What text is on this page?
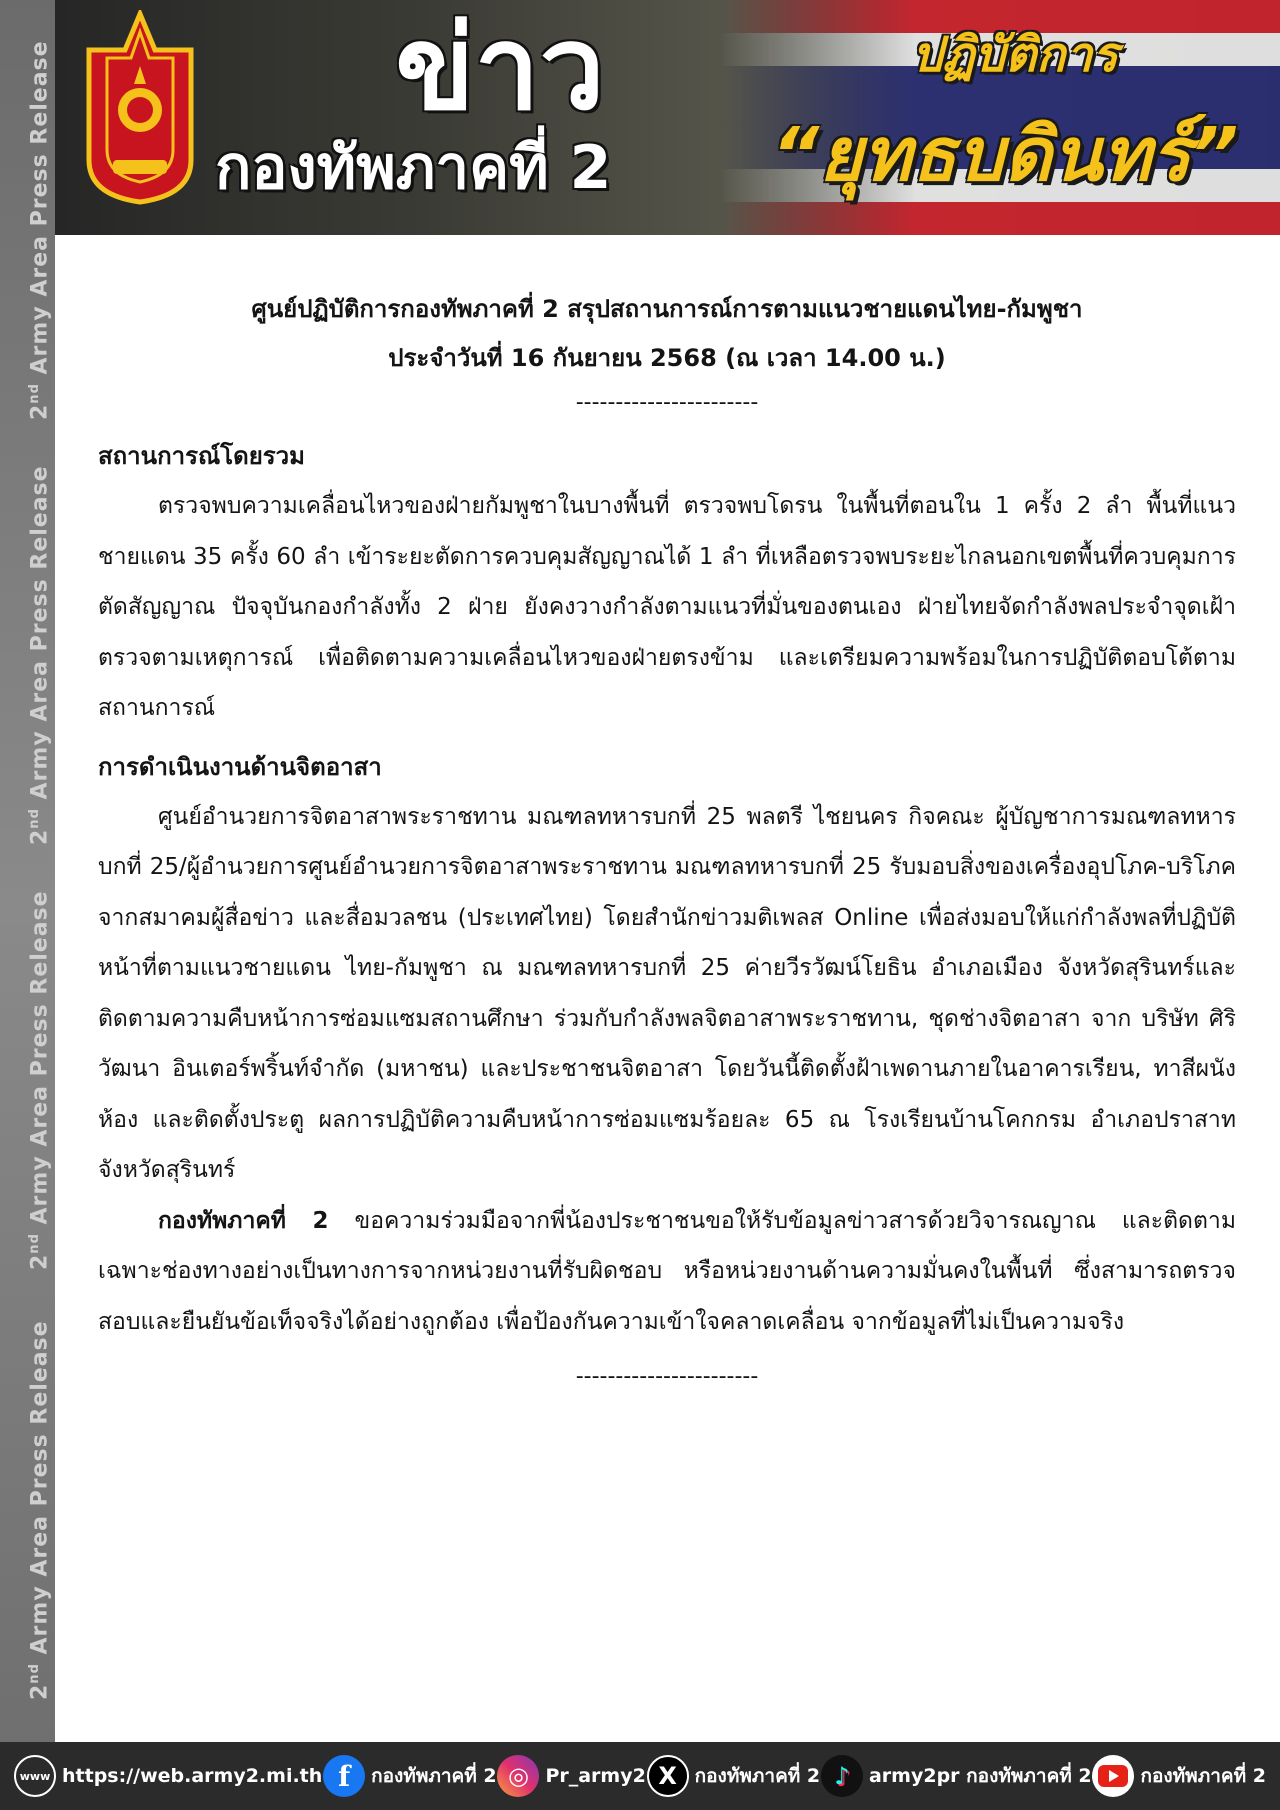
2nd Army Area Press Release
2nd Army Area Press Release
2nd Army Area Press Release
2nd Army Area Press Release
ข่าว
กองทัพภาคที่ 2
ปฏิบัติการ
“ยุทธบดินทร์”

ศูนย์ปฏิบัติการกองทัพภาคที่ 2 สรุปสถานการณ์การตามแนวชายแดนไทย-กัมพูชา

ประจำวันที่ 16 กันยายน 2568 (ณ เวลา 14.00 น.)

-----------------------

สถานการณ์โดยรวม

ตรวจพบความเคลื่อนไหวของฝ่ายกัมพูชาในบางพื้นที่ ตรวจพบโดรน ในพื้นที่ตอนใน 1 ครั้ง 2 ลำ พื้นที่แนวชายแดน 35 ครั้ง 60 ลำ เข้าระยะตัดการควบคุมสัญญาณได้ 1 ลำ ที่เหลือตรวจพบระยะไกลนอกเขตพื้นที่ควบคุมการตัดสัญญาณ ปัจจุบันกองกำลังทั้ง 2 ฝ่าย ยังคงวางกำลังตามแนวที่มั่นของตนเอง ฝ่ายไทยจัดกำลังพลประจำจุดเฝ้าตรวจตามเหตุการณ์ เพื่อติดตามความเคลื่อนไหวของฝ่ายตรงข้าม และเตรียมความพร้อมในการปฏิบัติตอบโต้ตามสถานการณ์

การดำเนินงานด้านจิตอาสา

ศูนย์อำนวยการจิตอาสาพระราชทาน มณฑลทหารบกที่ 25 พลตรี ไชยนคร กิจคณะ ผู้บัญชาการมณฑลทหารบกที่ 25/ผู้อำนวยการศูนย์อำนวยการจิตอาสาพระราชทาน มณฑลทหารบกที่ 25 รับมอบสิ่งของเครื่องอุปโภค-บริโภค จากสมาคมผู้สื่อข่าว และสื่อมวลชน (ประเทศไทย) โดยสำนักข่าวมติเพลส Online เพื่อส่งมอบให้แก่กำลังพลที่ปฏิบัติหน้าที่ตามแนวชายแดน ไทย-กัมพูชา ณ มณฑลทหารบกที่ 25 ค่ายวีรวัฒน์โยธิน อำเภอเมือง จังหวัดสุรินทร์และติดตามความคืบหน้าการซ่อมแซมสถานศึกษา ร่วมกับกำลังพลจิตอาสาพระราชทาน, ชุดช่างจิตอาสา จาก บริษัท ศิริวัฒนา อินเตอร์พริ้นท์จำกัด (มหาชน) และประชาชนจิตอาสา โดยวันนี้ติดตั้งฝ้าเพดานภายในอาคารเรียน, ทาสีผนังห้อง และติดตั้งประตู ผลการปฏิบัติความคืบหน้าการซ่อมแซมร้อยละ 65 ณ โรงเรียนบ้านโคกกรม อำเภอปราสาท จังหวัดสุรินทร์

กองทัพภาคที่ 2 ขอความร่วมมือจากพี่น้องประชาชนขอให้รับข้อมูลข่าวสารด้วยวิจารณญาณ และติดตามเฉพาะช่องทางอย่างเป็นทางการจากหน่วยงานที่รับผิดชอบ หรือหน่วยงานด้านความมั่นคงในพื้นที่ ซึ่งสามารถตรวจสอบและยืนยันข้อเท็จจริงได้อย่างถูกต้อง เพื่อป้องกันความเข้าใจคลาดเคลื่อน จากข้อมูลที่ไม่เป็นความจริง

-----------------------

www https://web.army2.mi.th f	กองทัพภาคที่ 2 ◎ Pr_army2 X กองทัพภาคที่ 2 ♪	army2pr กองทัพภาคที่ 2	กองทัพภาคที่ 2
